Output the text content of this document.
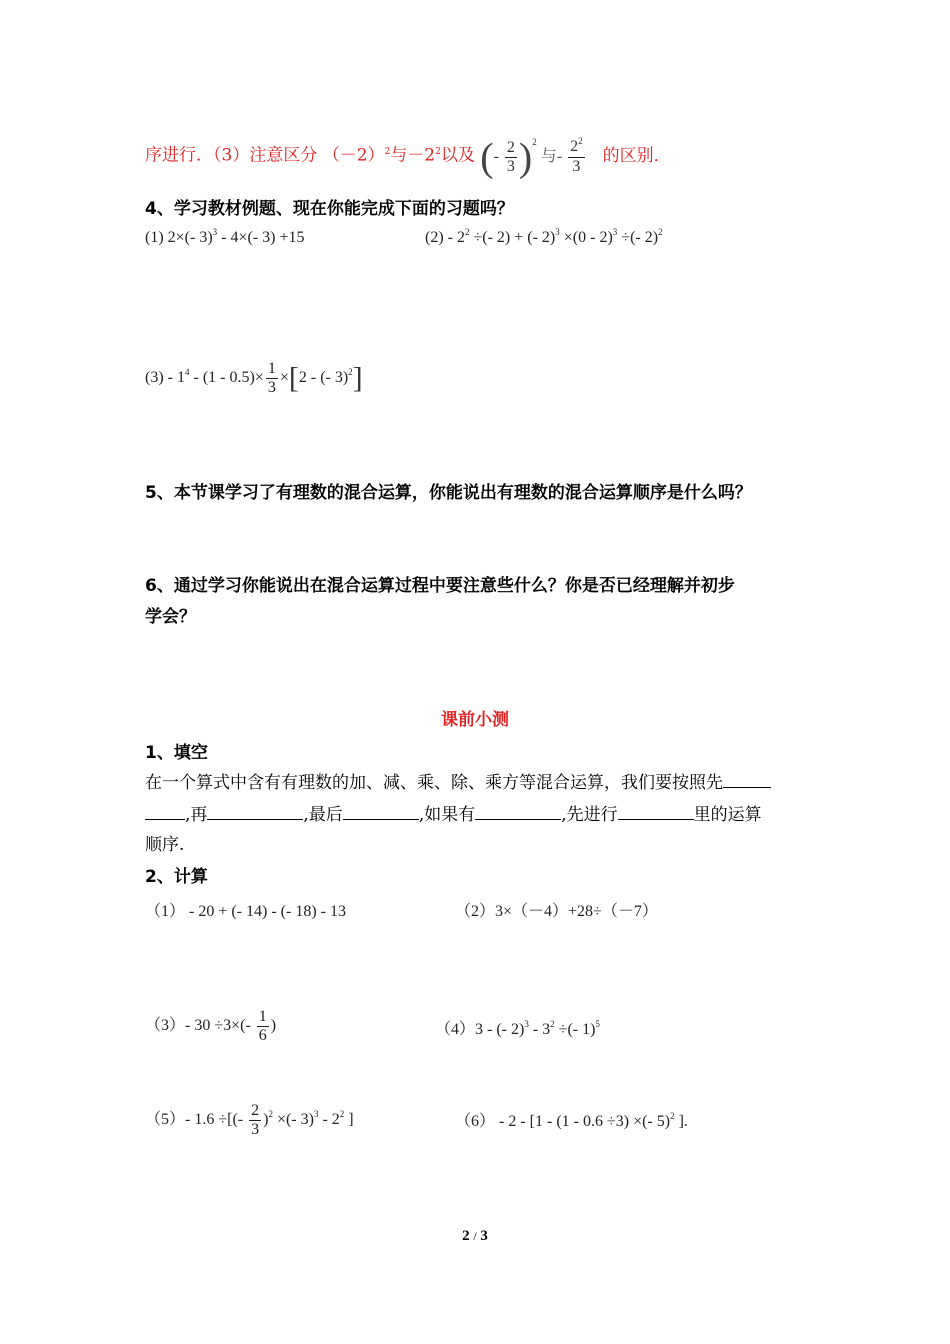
序进行．（3）注意区分 $(-2)^2$与$-2^2$以及 (- $\frac{2}{3} )^2$ 与- $\frac{2^2}{3}$ 的区别．
4、学习教材例题、现在你能完成下面的习题吗？
(1) 2×(- 3)$^3$ - 4×(- 3) +15	$(2) - 2^2$ ÷(- 2) + (- 2)$^3$ ×(0 - 2)$^3$ ÷(- 2)$^2$
$(3) - 1^4 - (1 - 0.5)\times \frac{1}{3} \times[2$ - (- 3)$^2$]
5、本节课学习了有理数的混合运算，你能说出有理数的混合运算顺序是什么吗？
6、通过学习你能说出在混合运算过程中要注意些什么？你是否已经理解并初步
学会？
课前小测
1、填空
在一个算式中含有有理数的加、减、乘、除、乘方等混合运算，我们要按照先
,再	,最后	,如果有	,先进行	里的运算
顺序.
2、计算
（1） - 20 + (- 14) - (- 18) - 13	（2）3×（－4）+28÷（－7）
（3）- $30 \div 3\times(- \frac{1}{6}$ )	（4）3 - (- $2)^3 - 3^2$ ÷(- 1)$^5$
（5）- 1.6 ÷[(- $\frac{2}{3} )^2$ ×(- $3)^3 - 2^2$ ]	（6） - 2 - [1 - (1 - 0.6 ÷3) ×(- 5)$^2$ ].
2 / 3
